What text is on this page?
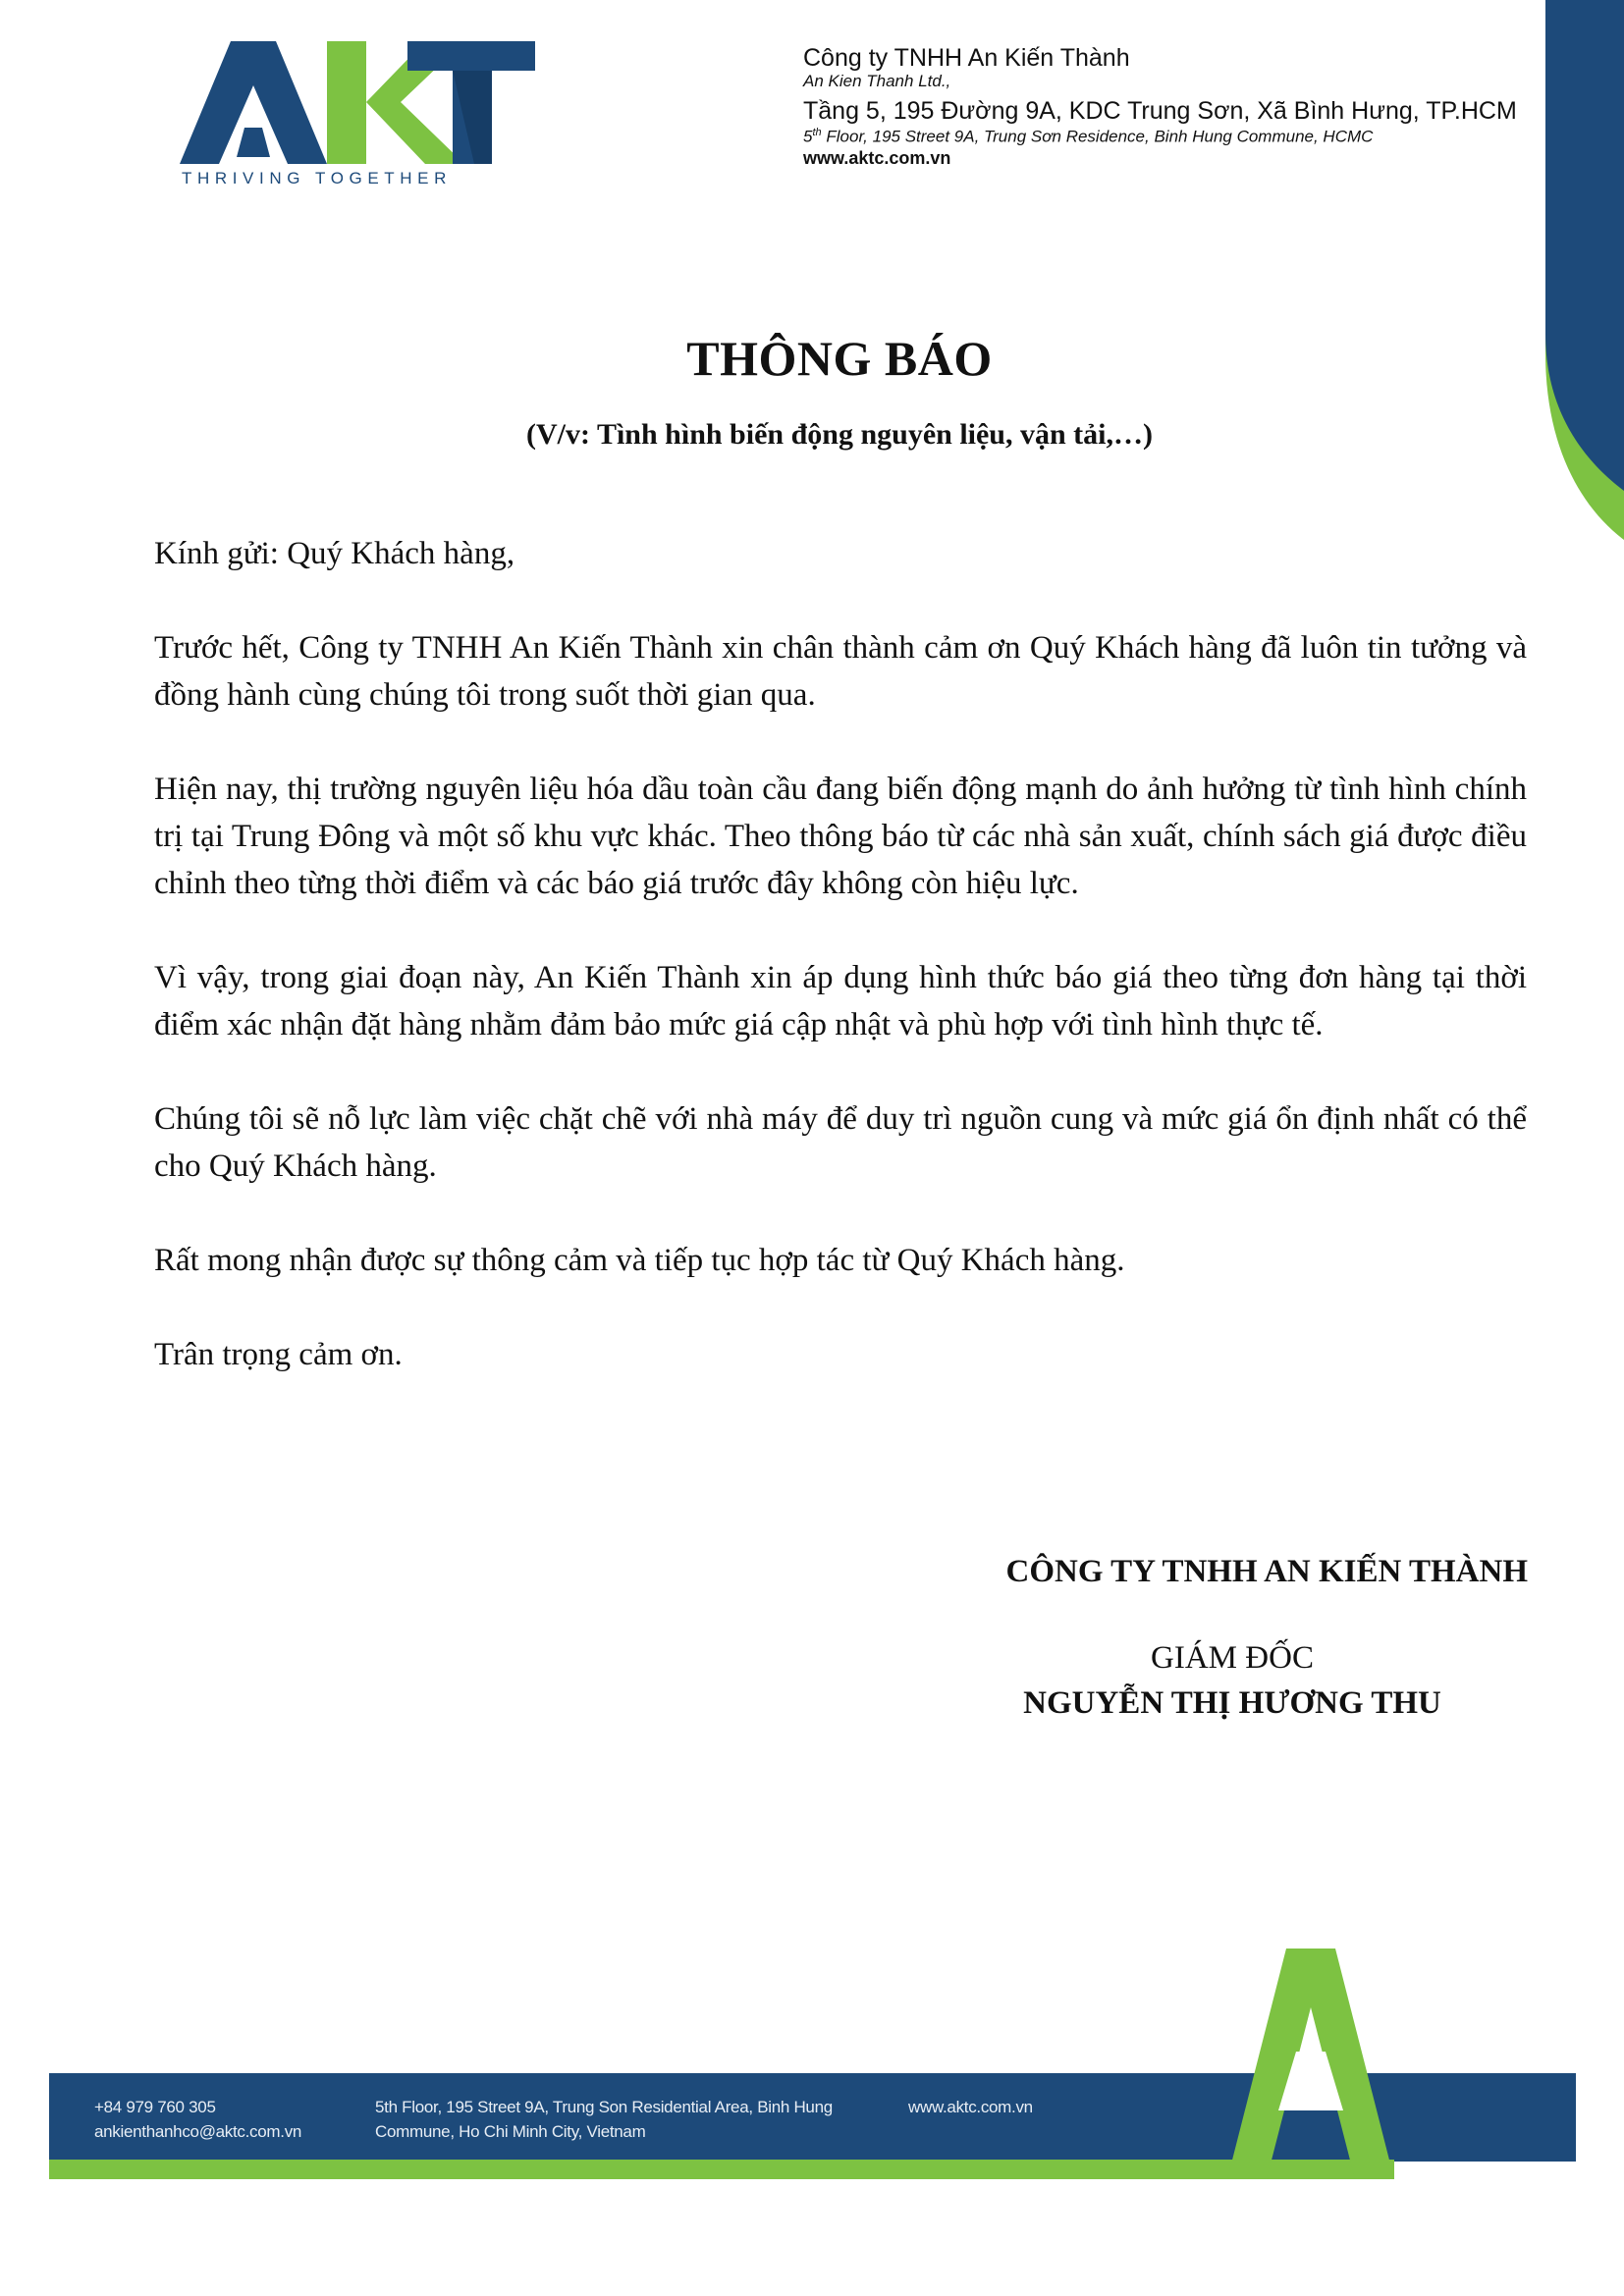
THRIVING TOGETHER
Công ty TNHH An Kiến Thành
An Kien Thanh Ltd.,
Tầng 5, 195 Đường 9A, KDC Trung Sơn, Xã Bình Hưng, TP.HCM
5th Floor, 195 Street 9A, Trung Sơn Residence, Binh Hung Commune, HCMC
www.aktc.com.vn
THÔNG BÁO
(V/v: Tình hình biến động nguyên liệu, vận tải,…)

Kính gửi: Quý Khách hàng,

Trước hết, Công ty TNHH An Kiến Thành xin chân thành cảm ơn Quý Khách hàng đã luôn tin tưởng và đồng hành cùng chúng tôi trong suốt thời gian qua.

Hiện nay, thị trường nguyên liệu hóa dầu toàn cầu đang biến động mạnh do ảnh hưởng từ tình hình chính trị tại Trung Đông và một số khu vực khác. Theo thông báo từ các nhà sản xuất, chính sách giá được điều chỉnh theo từng thời điểm và các báo giá trước đây không còn hiệu lực.

Vì vậy, trong giai đoạn này, An Kiến Thành xin áp dụng hình thức báo giá theo từng đơn hàng tại thời điểm xác nhận đặt hàng nhằm đảm bảo mức giá cập nhật và phù hợp với tình hình thực tế.

Chúng tôi sẽ nỗ lực làm việc chặt chẽ với nhà máy để duy trì nguồn cung và mức giá ổn định nhất có thể cho Quý Khách hàng.

Rất mong nhận được sự thông cảm và tiếp tục hợp tác từ Quý Khách hàng.

Trân trọng cảm ơn.

CÔNG TY TNHH AN KIẾN THÀNH
GIÁM ĐỐC
NGUYỄN THỊ HƯƠNG THU
+84 979 760 305
ankienthanhco@aktc.com.vn
5th Floor, 195 Street 9A, Trung Son Residential Area, Binh Hung
Commune, Ho Chi Minh City, Vietnam
www.aktc.com.vn
